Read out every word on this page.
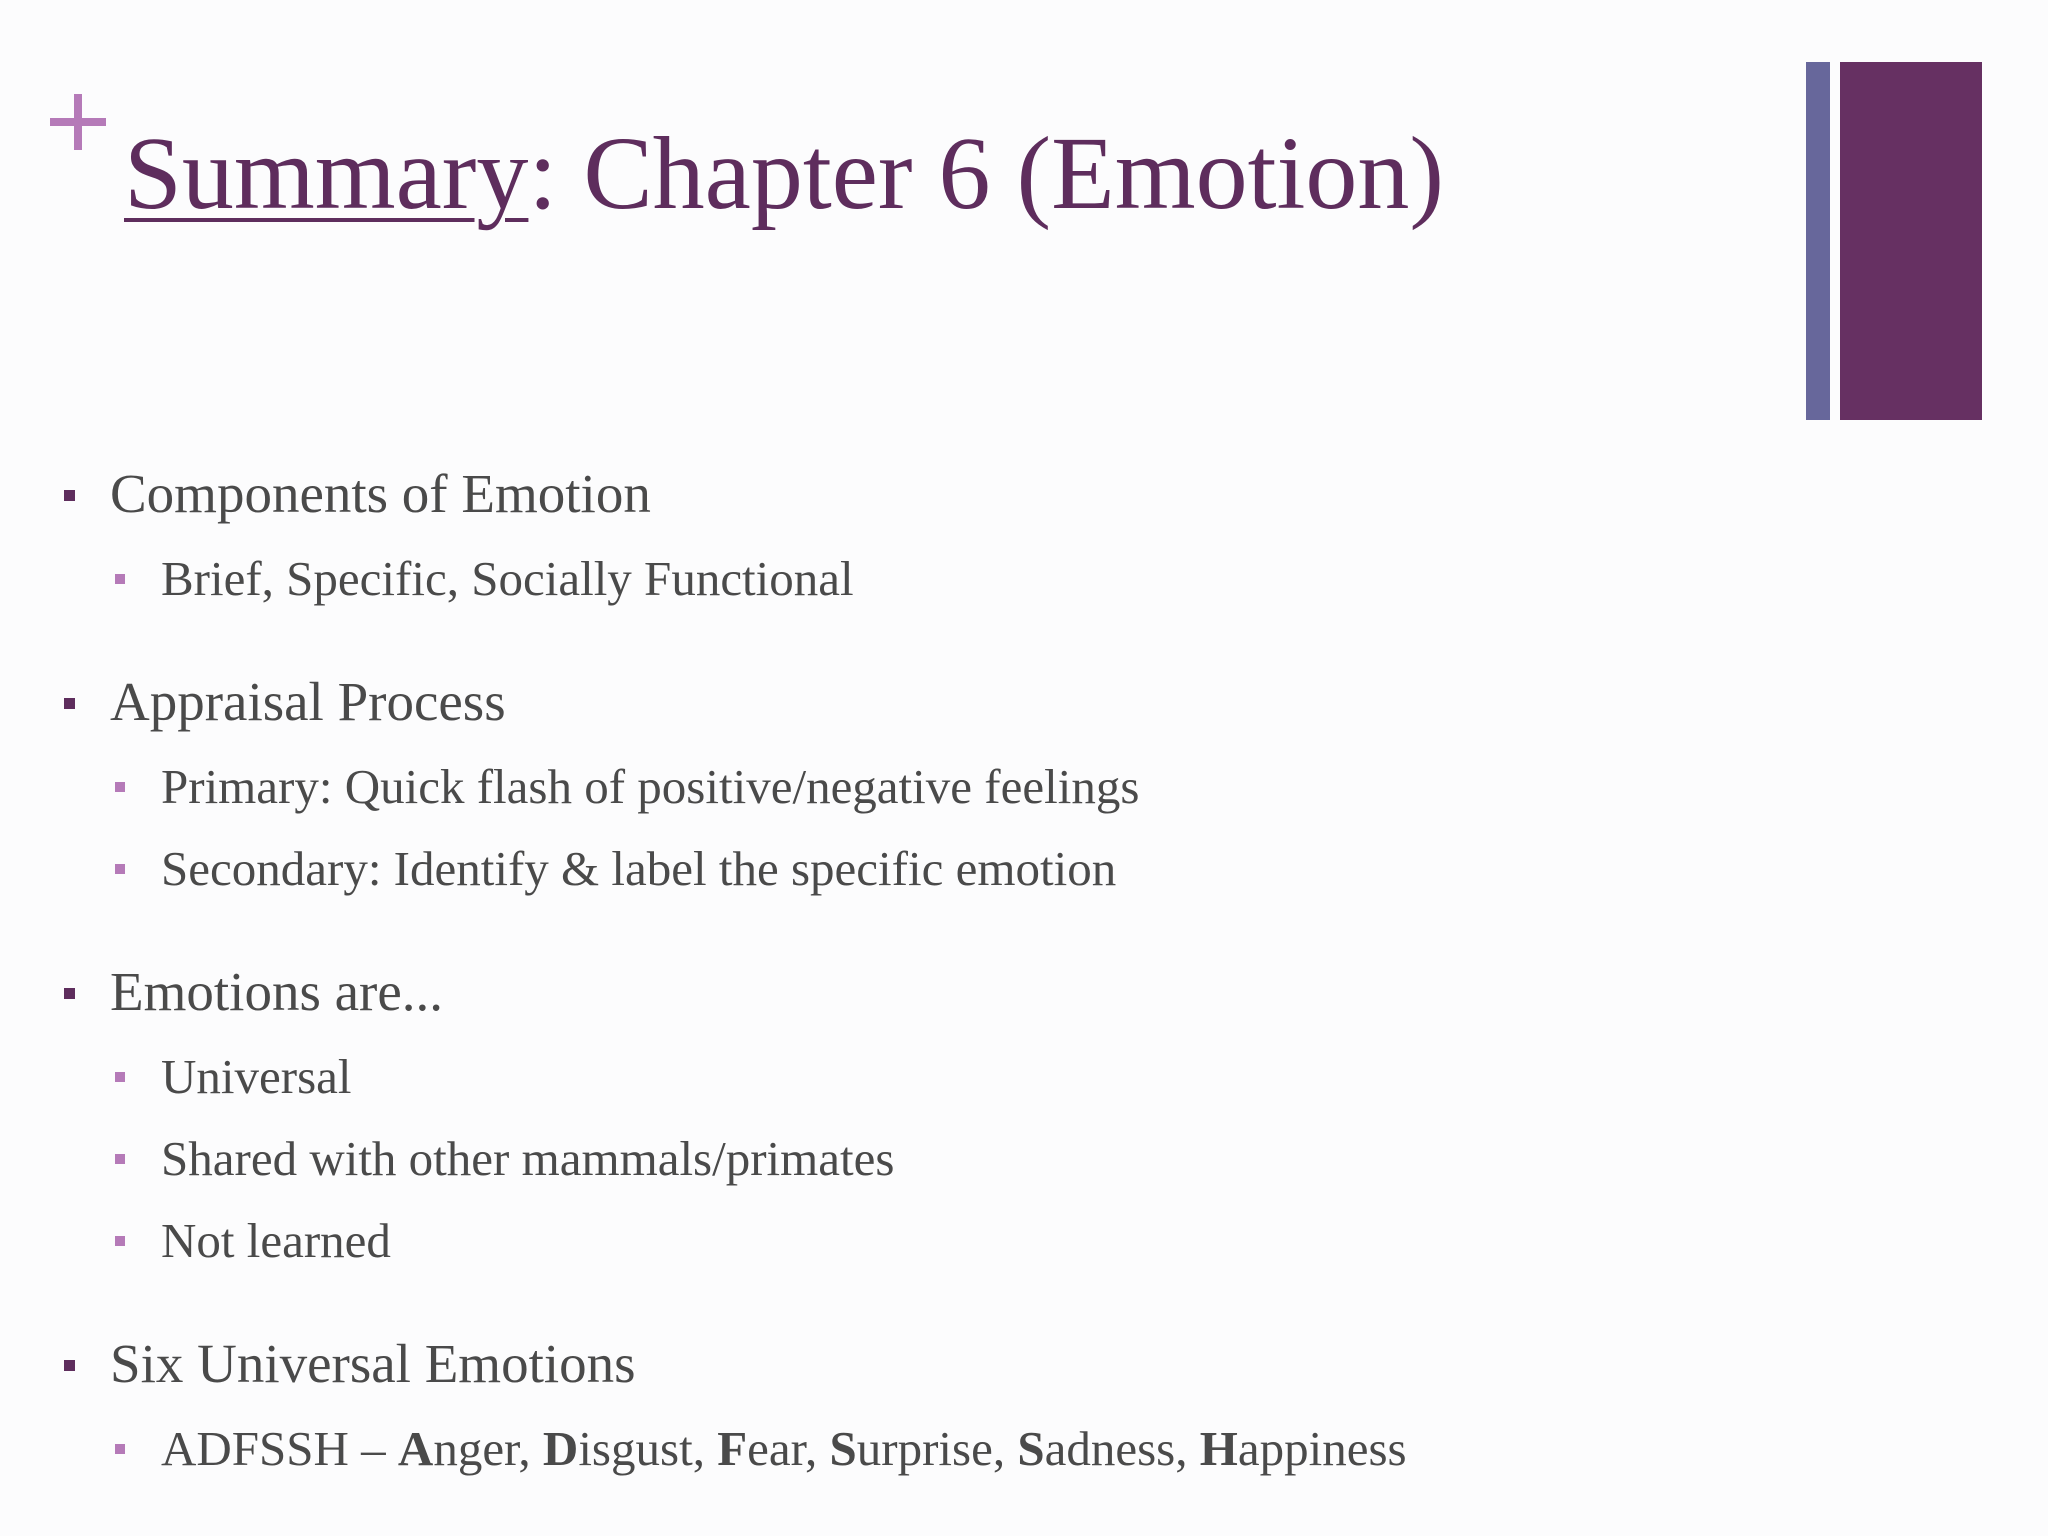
Summary: Chapter 6 (Emotion)
Components of Emotion
Brief, Specific, Socially Functional
Appraisal Process
Primary: Quick flash of positive/negative feelings
Secondary: Identify & label the specific emotion
Emotions are...
Universal
Shared with other mammals/primates
Not learned
Six Universal Emotions
ADFSSH – Anger, Disgust, Fear, Surprise, Sadness, Happiness
